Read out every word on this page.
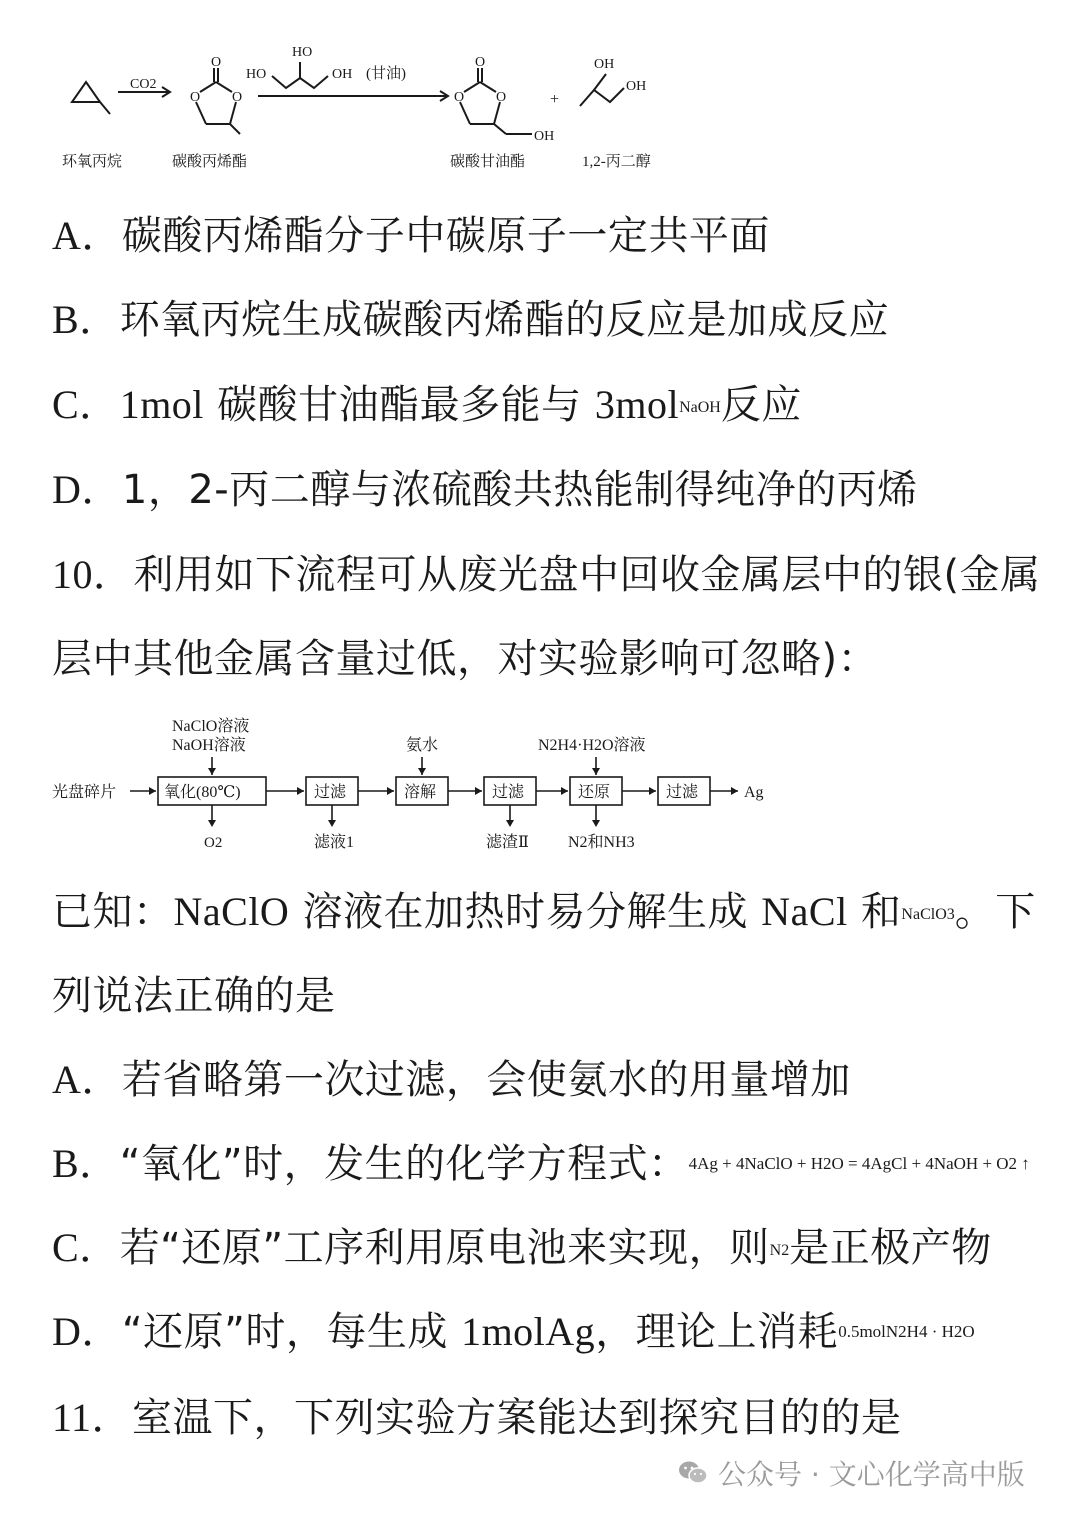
CO2
O
O O
HO
HO	OH (甘油)
O
O O
OH
+
OH
OH
环氧丙烷	碳酸丙烯酯	碳酸甘油酯	1,2-丙二醇
A．碳酸丙烯酯分子中碳原子一定共平面
B．环氧丙烷生成碳酸丙烯酯的反应是加成反应
C．1mol 碳酸甘油酯最多能与 3molNaOH反应
D．1，2-丙二醇与浓硫酸共热能制得纯净的丙烯
10．利用如下流程可从废光盘中回收金属层中的银(金属
层中其他金属含量过低，对实验影响可忽略)：
光盘碎片
NaClO溶液
NaOH溶液
氧化(80℃)
O2
过滤
滤液1
氨水
溶解	过滤
滤渣Ⅱ
N2H4·H2O溶液
还原
N2和NH3
过滤	Ag
已知：NaClO 溶液在加热时易分解生成 NaCl 和NaClO3。下
列说法正确的是
A．若省略第一次过滤，会使氨水的用量增加
B．“氧化”时，发生的化学方程式：$^{4Ag + 4NaClO + H2O = 4AgCl + 4NaOH + O2 ↑}$
C．若“还原”工序利用原电池来实现，则N2是正极产物
D．“还原”时，每生成 1molAg，理论上消耗$^{0.5molN2H4 \cdot H2O}$
11．室温下，下列实验方案能达到探究目的的是
公众号 · 文心化学高中版
